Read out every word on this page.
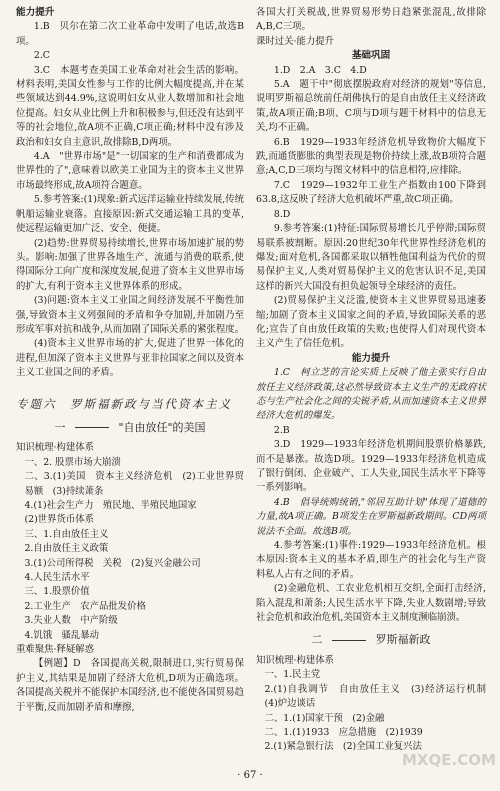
能力提升

1.B　贝尔在第二次工业革命中发明了电话,故选B项。

2.C

3.C　本题考查美国工业革命对社会生活的影响。材料表明,美国女性参与工作的比例大幅度提高,并在某些领域达到44.9%,这说明妇女从业人数增加和社会地位提高。妇女从业比例上升和积极参与,但还没有达到平等的社会地位,故A项不正确,C项正确;材料中没有涉及政治和妇女自主意识,故排除B,D两项。

4.A　"世界市场"是"一切国家的生产和消费都成为世界性的了",意味着以欧美工业国为主的资本主义世界市场最终形成,故A项符合题意。

5.参考答案:(1)现象:新式远洋运输业持续发展,传统帆船运输业衰落。直接原因:新式交通运输工具的变革,使远程运输更加广泛、安全、便捷。

(2)趋势:世界贸易持续增长,世界市场加速扩展的势头。影响:加强了世界各地生产、流通与消费的联系,使得国际分工向广度和深度发展,促进了资本主义世界市场的扩大,有利于资本主义世界体系的形成。

(3)问题:资本主义工业国之间经济发展不平衡性加强,导致资本主义列强间的矛盾和争夺加剧,并加剧乃至形成军事对抗和战争,从而加剧了国际关系的紧张程度。

(4)资本主义世界市场的扩大,促进了世界一体化的进程,但加深了资本主义世界与亚非拉国家之间以及资本主义工业国之间的矛盾。

专题六　罗斯福新政与当代资本主义

一	"自由放任"的美国

知识梳理·构建体系

一、2. 股票市场大崩溃

二、3.(1)美国　资本主义经济危机　(2)工业世界贸易额　(3)持续萧条

4.(1)社会生产力　殖民地、半殖民地国家

(2)世界货币体系

三、1.自由放任主义

2.自由放任主义政策

3.(1)公司所得税　关税　(2)复兴金融公司

4.人民生活水平

三、1.股票价值

2.工业生产　农产品批发价格

3.失业人数　中产阶级

4.饥饿　骚乱暴动

重难聚焦·释疑解惑

【例题】D　各国提高关税,限制进口,实行贸易保护主义,其结果是加剧了经济大危机,D项为正确选项。各国提高关税并不能保护本国经济,也不能使各国贸易趋于平衡,反而加剧矛盾和摩擦,

各国大打关税战,世界贸易形势日趋紧张混乱,故排除A,B,C三项。

课时过关·能力提升

基础巩固

1.D　2.A　3.C　4.D

5.A　题干中"彻底摆脱政府对经济的规划"等信息,说明罗斯福总统前任胡佛执行的是自由放任主义经济政策,故A项正确;B项、C项与D项与题干材料中的信息无关,均不正确。

6.B　1929—1933年经济危机导致物价大幅度下跌,而通货膨胀的典型表现是物价持续上涨,故B项符合题意;A,C,D三项均与图文材料中的信息相符,应排除。

7.C　1929—1932年工业生产指数由100下降到63.8,这反映了经济大危机破坏严重,故C项正确。

8.D

9.参考答案:(1)特征:国际贸易增长几乎停滞;国际贸易联系被割断。原因:20世纪30年代世界性经济危机的爆发;面对危机,各国都采取以牺牲他国利益为代价的贸易保护主义,人类对贸易保护主义的危害认识不足,美国这样的新兴大国没有担负起领导全球经济的责任。

(2)贸易保护主义泛滥,使资本主义世界贸易迅速萎缩;加剧了资本主义国家之间的矛盾,导致国际关系的恶化;宣告了自由放任政策的失败;也使得人们对现代资本主义产生了信任危机。

能力提升

1.C　柯立芝的言论实质上反映了他主张实行自由放任主义经济政策,这必然导致资本主义生产的无政府状态与生产社会化之间的尖锐矛盾,从而加速资本主义世界经济大危机的爆发。

2.B

3.D　1929—1933年经济危机期间股票价格暴跌,而不是暴涨。故选D项。1929—1933年经济危机造成了银行倒闭、企业破产、工人失业,国民生活水平下降等一系列影响。

4.B　倡导统购统销,"邻居互助计划"体现了道德的力量,故A项正确。B项发生在罗斯福新政期间。CD两项说法不全面。故选B项。

4.参考答案:(1)事件:1929—1933年经济危机。根本原因:资本主义的基本矛盾,即生产的社会化与生产资料私人占有之间的矛盾。

(2)金融危机、工农业危机相互交织,全面打击经济,陷入混乱和萧条;人民生活水平下降,失业人数剧增;导致社会危机和政治危机,美国资本主义制度濒临崩溃。

二	罗斯福新政

知识梳理·构建体系

一、1.民主党

2.(1)自我调节　自由放任主义　(3)经济运行机制　(4)炉边谈话

二、1.(1)国家干预　(2)金融

二、1.(1)1933　应急措施　(2)1939

2.(1)紧急银行法　(2)全国工业复兴法

· 67 ·
MXQE.COM
